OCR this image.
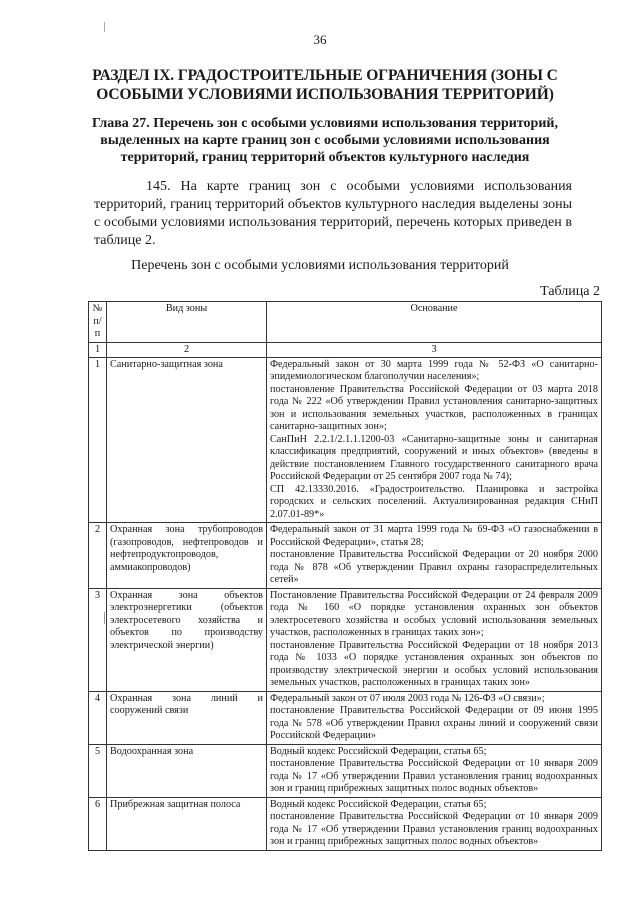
36
РАЗДЕЛ IX. ГРАДОСТРОИТЕЛЬНЫЕ ОГРАНИЧЕНИЯ (ЗОНЫ С ОСОБЫМИ УСЛОВИЯМИ ИСПОЛЬЗОВАНИЯ ТЕРРИТОРИЙ)
Глава 27. Перечень зон с особыми условиями использования территорий, выделенных на карте границ зон с особыми условиями использования территорий, границ территорий объектов культурного наследия
145. На карте границ зон с особыми условиями использования территорий, границ территорий объектов культурного наследия выделены зоны с особыми условиями использования территорий, перечень которых приведен в таблице 2.
Перечень зон с особыми условиями использования территорий
Таблица 2
№ п/п	Вид зоны	Основание
1	2	3
1	Санитарно-защитная зона	Федеральный закон от 30 марта 1999 года № 52-ФЗ «О санитарно-эпидемиологическом благополучии населения»;
постановление Правительства Российской Федерации от 03 марта 2018 года № 222 «Об утверждении Правил установления санитарно-защитных зон и использования земельных участков, расположенных в границах санитарно-защитных зон»;
СанПиН 2.2.1/2.1.1.1200-03 «Санитарно-защитные зоны и санитарная классификация предприятий, сооружений и иных объектов» (введены в действие постановлением Главного государственного санитарного врача Российской Федерации от 25 сентября 2007 года № 74);
СП 42.13330.2016. «Градостроительство. Планировка и застройка городских и сельских поселений. Актуализированная редакция СНиП 2.07.01-89*»

2	Охранная зона трубопроводов (газопроводов, нефтепроводов и нефтепродуктопроводов, аммиакопроводов)	Федеральный закон от 31 марта 1999 года № 69-ФЗ «О газоснабжении в Российской Федерации», статья 28;
постановление Правительства Российской Федерации от 20 ноября 2000 года № 878 «Об утверждении Правил охраны газораспределительных сетей»

3	Охранная зона объектов электроэнергетики (объектов электросетевого хозяйства и объектов по производству электрической энергии)	Постановление Правительства Российской Федерации от 24 февраля 2009 года № 160 «О порядке установления охранных зон объектов электросетевого хозяйства и особых условий использования земельных участков, расположенных в границах таких зон»;
постановление Правительства Российской Федерации от 18 ноября 2013 года № 1033 «О порядке установления охранных зон объектов по производству электрической энергии и особых условий использования земельных участков, расположенных в границах таких зон»

4	Охранная зона линий и сооружений связи	Федеральный закон от 07 июля 2003 года № 126-ФЗ «О связи»;
постановление Правительства Российской Федерации от 09 июня 1995 года № 578 «Об утверждении Правил охраны линий и сооружений связи Российской Федерации»

5	Водоохранная зона	Водный кодекс Российской Федерации, статья 65;
постановление Правительства Российской Федерации от 10 января 2009 года № 17 «Об утверждении Правил установления границ водоохранных зон и границ прибрежных защитных полос водных объектов»

6	Прибрежная защитная полоса	Водный кодекс Российской Федерации, статья 65;
постановление Правительства Российской Федерации от 10 января 2009 года № 17 «Об утверждении Правил установления границ водоохранных зон и границ прибрежных защитных полос водных объектов»
